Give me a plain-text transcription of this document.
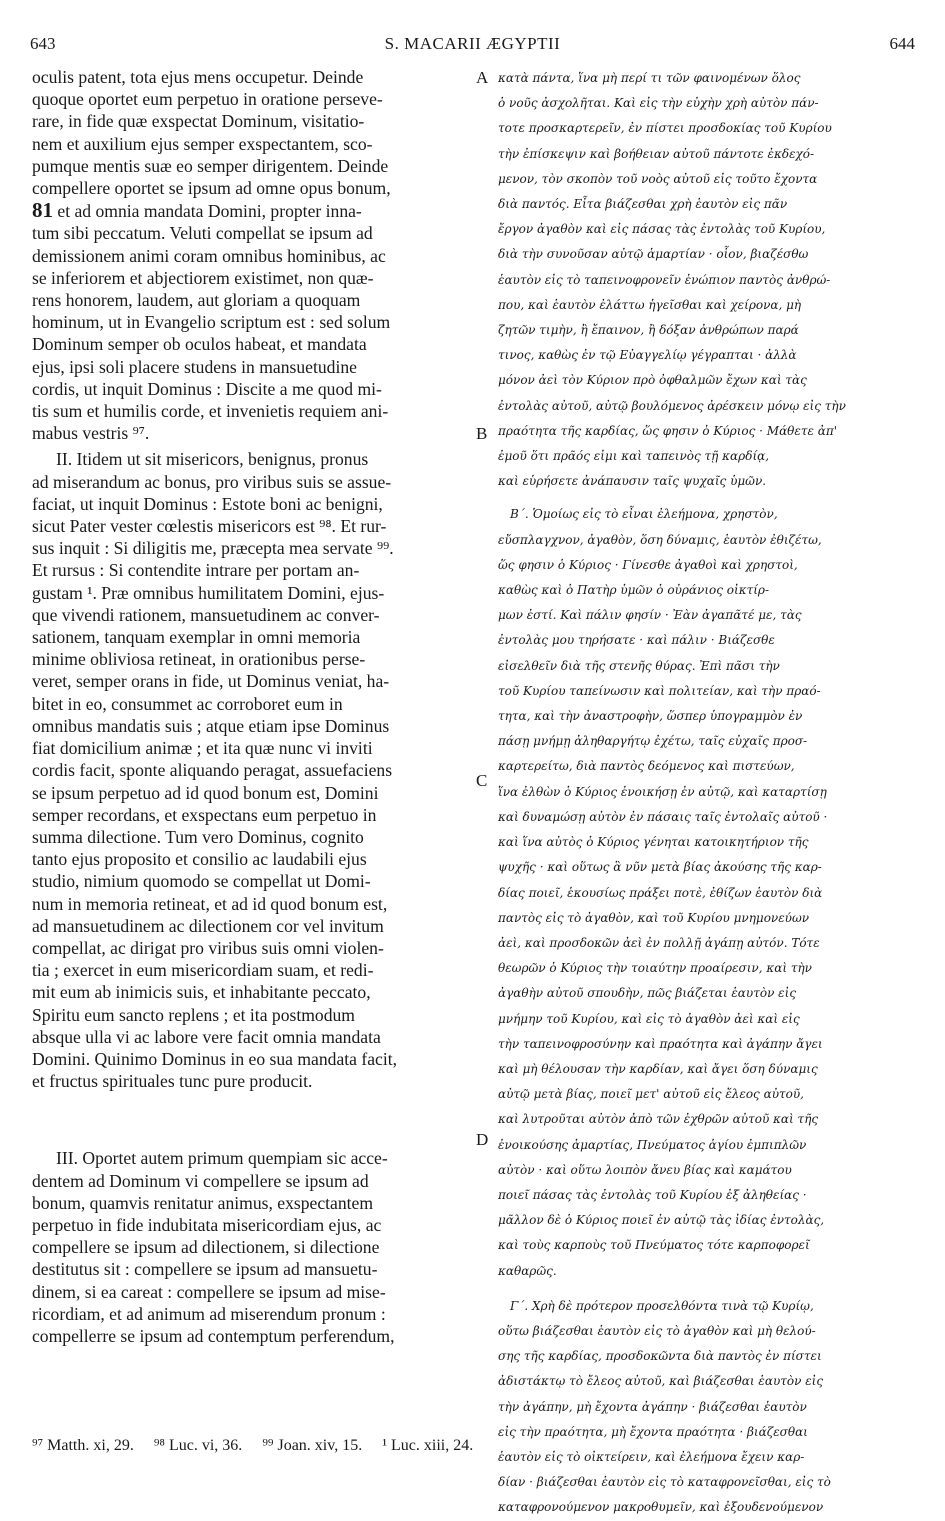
643	S. MACARII ÆGYPTII	644
A
B
C
D
oculis patent, tota ejus mens occupetur. Deinde
quoque oportet eum perpetuo in oratione perseve-
rare, in fide quæ exspectat Dominum, visitatio-
nem et auxilium ejus semper exspectantem, sco-
pumque mentis suæ eo semper dirigentem. Deinde
compellere oportet se ipsum ad omne opus bonum,
81 et ad omnia mandata Domini, propter inna-
tum sibi peccatum. Veluti compellat se ipsum ad
demissionem animi coram omnibus hominibus, ac
se inferiorem et abjectiorem existimet, non quæ-
rens honorem, laudem, aut gloriam a quoquam
hominum, ut in Evangelio scriptum est : sed solum
Dominum semper ob oculos habeat, et mandata
ejus, ipsi soli placere studens in mansuetudine
cordis, ut inquit Dominus : Discite a me quod mi-
tis sum et humilis corde, et invenietis requiem ani-
mabus vestris ⁹⁷.
II. Itidem ut sit misericors, benignus, pronus
ad miserandum ac bonus, pro viribus suis se assue-
faciat, ut inquit Dominus : Estote boni ac benigni,
sicut Pater vester cœlestis misericors est ⁹⁸. Et rur-
sus inquit : Si diligitis me, præcepta mea servate ⁹⁹.
Et rursus : Si contendite intrare per portam an-
gustam ¹. Præ omnibus humilitatem Domini, ejus-
que vivendi rationem, mansuetudinem ac conver-
sationem, tanquam exemplar in omni memoria
minime obliviosa retineat, in orationibus perse-
veret, semper orans in fide, ut Dominus veniat, ha-
bitet in eo, consummet ac corroboret eum in
omnibus mandatis suis ; atque etiam ipse Dominus
fiat domicilium animæ ; et ita quæ nunc vi inviti
cordis facit, sponte aliquando peragat, assuefaciens
se ipsum perpetuo ad id quod bonum est, Domini
semper recordans, et exspectans eum perpetuo in
summa dilectione. Tum vero Dominus, cognito
tanto ejus proposito et consilio ac laudabili ejus
studio, nimium quomodo se compellat ut Domi-
num in memoria retineat, et ad id quod bonum est,
ad mansuetudinem ac dilectionem cor vel invitum
compellat, ac dirigat pro viribus suis omni violen-
tia ; exercet in eum misericordiam suam, et redi-
mit eum ab inimicis suis, et inhabitante peccato,
Spiritu eum sancto replens ; et ita postmodum
absque ulla vi ac labore vere facit omnia mandata
Domini. Quinimo Dominus in eo sua mandata facit,
et fructus spirituales tunc pure producit.
III. Oportet autem primum quempiam sic acce-
dentem ad Dominum vi compellere se ipsum ad
bonum, quamvis renitatur animus, exspectantem
perpetuo in fide indubitata misericordiam ejus, ac
compellere se ipsum ad dilectionem, si dilectione
destitutus sit : compellere se ipsum ad mansuetu-
dinem, si ea careat : compellere se ipsum ad mise-
ricordiam, et ad animum ad miserendum pronum :
compellerre se ipsum ad contemptum perferendum,
κατὰ πάντα, ἵνα μὴ περί τι τῶν φαινομένων ὅλος
ὁ νοῦς ἀσχολῆται. Καὶ εἰς τὴν εὐχὴν χρὴ αὐτὸν πάν-
τοτε προσκαρτερεῖν, ἐν πίστει προσδοκίας τοῦ Κυρίου
τὴν ἐπίσκεψιν καὶ βοήθειαν αὐτοῦ πάντοτε ἐκδεχό-
μενον, τὸν σκοπὸν τοῦ νοὸς αὐτοῦ εἰς τοῦτο ἔχοντα
διὰ παντός. Εἶτα βιάζεσθαι χρὴ ἑαυτὸν εἰς πᾶν
ἔργον ἀγαθὸν καὶ εἰς πάσας τὰς ἐντολὰς τοῦ Κυρίου,
διὰ τὴν συνοῦσαν αὐτῷ ἁμαρτίαν · οἷον, βιαζέσθω
ἑαυτὸν εἰς τὸ ταπεινοφρονεῖν ἐνώπιον παντὸς ἀνθρώ-
που, καὶ ἑαυτὸν ἐλάττω ἡγεῖσθαι καὶ χείρονα, μὴ
ζητῶν τιμὴν, ἢ ἔπαινον, ἢ δόξαν ἀνθρώπων παρά
τινος, καθὼς ἐν τῷ Εὐαγγελίῳ γέγραπται · ἀλλὰ
μόνον ἀεὶ τὸν Κύριον πρὸ ὀφθαλμῶν ἔχων καὶ τὰς
ἐντολὰς αὐτοῦ, αὐτῷ βουλόμενος ἀρέσκειν μόνῳ εἰς τὴν
πραότητα τῆς καρδίας, ὥς φησιν ὁ Κύριος · Μάθετε ἀπ'
ἐμοῦ ὅτι πρᾶός εἰμι καὶ ταπεινὸς τῇ καρδίᾳ,
καὶ εὑρήσετε ἀνάπαυσιν ταῖς ψυχαῖς ὑμῶν.
Β΄. Ὁμοίως εἰς τὸ εἶναι ἐλεήμονα, χρηστὸν,
εὔσπλαγχνον, ἀγαθὸν, ὅση δύναμις, ἑαυτὸν ἐθιζέτω,
ὥς φησιν ὁ Κύριος · Γίνεσθε ἀγαθοὶ καὶ χρηστοὶ,
καθὼς καὶ ὁ Πατὴρ ὑμῶν ὁ οὐράνιος οἰκτίρ-
μων ἐστί. Καὶ πάλιν φησίν · Ἐὰν ἀγαπᾶτέ με, τὰς
ἐντολὰς μου τηρήσατε · καὶ πάλιν · Βιάζεσθε
εἰσελθεῖν διὰ τῆς στενῆς θύρας. Ἐπὶ πᾶσι τὴν
τοῦ Κυρίου ταπείνωσιν καὶ πολιτείαν, καὶ τὴν πραό-
τητα, καὶ τὴν ἀναστροφὴν, ὥσπερ ὑπογραμμὸν ἐν
πάσῃ μνήμῃ ἀληθαργήτῳ ἐχέτω, ταῖς εὐχαῖς προσ-
καρτερείτω, διὰ παντὸς δεόμενος καὶ πιστεύων,
ἵνα ἐλθὼν ὁ Κύριος ἐνοικήσῃ ἐν αὐτῷ, καὶ καταρτίσῃ
καὶ δυναμώσῃ αὐτὸν ἐν πάσαις ταῖς ἐντολαῖς αὐτοῦ ·
καὶ ἵνα αὐτὸς ὁ Κύριος γένηται κατοικητήριον τῆς
ψυχῆς · καὶ οὕτως ἃ νῦν μετὰ βίας ἀκούσης τῆς καρ-
δίας ποιεῖ, ἑκουσίως πράξει ποτὲ, ἐθίζων ἑαυτὸν διὰ
παντὸς εἰς τὸ ἀγαθὸν, καὶ τοῦ Κυρίου μνημονεύων
ἀεὶ, καὶ προσδοκῶν ἀεὶ ἐν πολλῇ ἀγάπῃ αὐτόν. Τότε
θεωρῶν ὁ Κύριος τὴν τοιαύτην προαίρεσιν, καὶ τὴν
ἀγαθὴν αὐτοῦ σπουδὴν, πῶς βιάζεται ἑαυτὸν εἰς
μνήμην τοῦ Κυρίου, καὶ εἰς τὸ ἀγαθὸν ἀεὶ καὶ εἰς
τὴν ταπεινοφροσύνην καὶ πραότητα καὶ ἀγάπην ἄγει
καὶ μὴ θέλουσαν τὴν καρδίαν, καὶ ἄγει ὅση δύναμις
αὐτῷ μετὰ βίας, ποιεῖ μετ' αὐτοῦ εἰς ἔλεος αὐτοῦ,
καὶ λυτροῦται αὐτὸν ἀπὸ τῶν ἐχθρῶν αὐτοῦ καὶ τῆς
ἐνοικούσης ἁμαρτίας, Πνεύματος ἁγίου ἐμπιπλῶν
αὐτὸν · καὶ οὕτω λοιπὸν ἄνευ βίας καὶ καμάτου
ποιεῖ πάσας τὰς ἐντολὰς τοῦ Κυρίου ἐξ ἀληθείας ·
μᾶλλον δὲ ὁ Κύριος ποιεῖ ἐν αὐτῷ τὰς ἰδίας ἐντολὰς,
καὶ τοὺς καρποὺς τοῦ Πνεύματος τότε καρποφορεῖ
καθαρῶς.
Γ΄. Χρὴ δὲ πρότερον προσελθόντα τινὰ τῷ Κυρίῳ,
οὕτω βιάζεσθαι ἑαυτὸν εἰς τὸ ἀγαθὸν καὶ μὴ θελού-
σης τῆς καρδίας, προσδοκῶντα διὰ παντὸς ἐν πίστει
ἀδιστάκτῳ τὸ ἔλεος αὐτοῦ, καὶ βιάζεσθαι ἑαυτὸν εἰς
τὴν ἀγάπην, μὴ ἔχοντα ἀγάπην · βιάζεσθαι ἑαυτὸν
εἰς τὴν πραότητα, μὴ ἔχοντα πραότητα · βιάζεσθαι
ἑαυτὸν εἰς τὸ οἰκτείρειν, καὶ ἐλεήμονα ἔχειν καρ-
δίαν · βιάζεσθαι ἑαυτὸν εἰς τὸ καταφρονεῖσθαι, εἰς τὸ
καταφρονούμενον μακροθυμεῖν, καὶ ἐξουδενούμενον
⁹⁷ Matth. xi, 29. ⁹⁸ Luc. vi, 36. ⁹⁹ Joan. xiv, 15. ¹ Luc. xiii, 24.
